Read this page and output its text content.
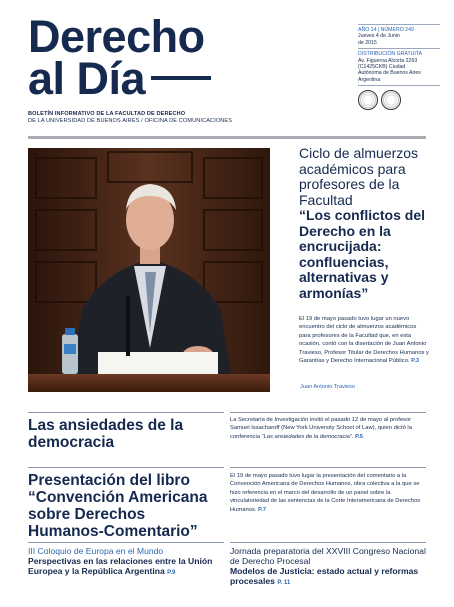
Derecho
al Día
BOLETÍN INFORMATIVO DE LA FACULTAD DE DERECHO
DE LA UNIVERSIDAD DE BUENOS AIRES / OFICINA DE COMUNICACIONES
AÑO 14 | NÚMERO 249
Jueves 4 de Junio
de 2015
DISTRIBUCIÓN GRATUITA
Av. Figueroa Alcorta 2263
(C1425CKB) Ciudad
Autónoma de Buenos Aires
Argentina
Ciclo de almuerzos académicos para profesores de la Facultad
“Los conflictos del Derecho en la encrucijada: confluencias, alternativas y armonías”
El 19 de mayo pasado tuvo lugar un nuevo encuentro del ciclo de almuerzos académicos para profesores de la Facultad que, en esta ocasión, contó con la disertación de Juan Antonio Travieso, Profesor Titular de Derechos Humanos y Garantías y Derecho Internacional Público. P.3
Juan Antonio Travieso
Las ansiedades de la democracia
La Secretaría de Investigación invitó el pasado 12 de mayo al profesor Samuel Issacharoff (New York University School of Law), quien dictó la conferencia “Las ansiedades de la democracia”. P.5
Presentación del libro “Convención Americana sobre Derechos Humanos-Comentario”
El 19 de mayo pasado tuvo lugar la presentación del comentario a la Convención Americana de Derechos Humanos, obra colectiva a la que se hizo referencia en el marco del desarrollo de un panel sobre la vinculatoriedad de las sentencias de la Corte Interamericana de Derechos Humanos. P.7
III Coloquio de Europa en el Mundo
Perspectivas en las relaciones entre la Unión Europea y la República Argentina P.9
Jornada preparatoria del XXVIII Congreso Nacional de Derecho Procesal
Modelos de Justicia: estado actual y reformas procesales P. 11
